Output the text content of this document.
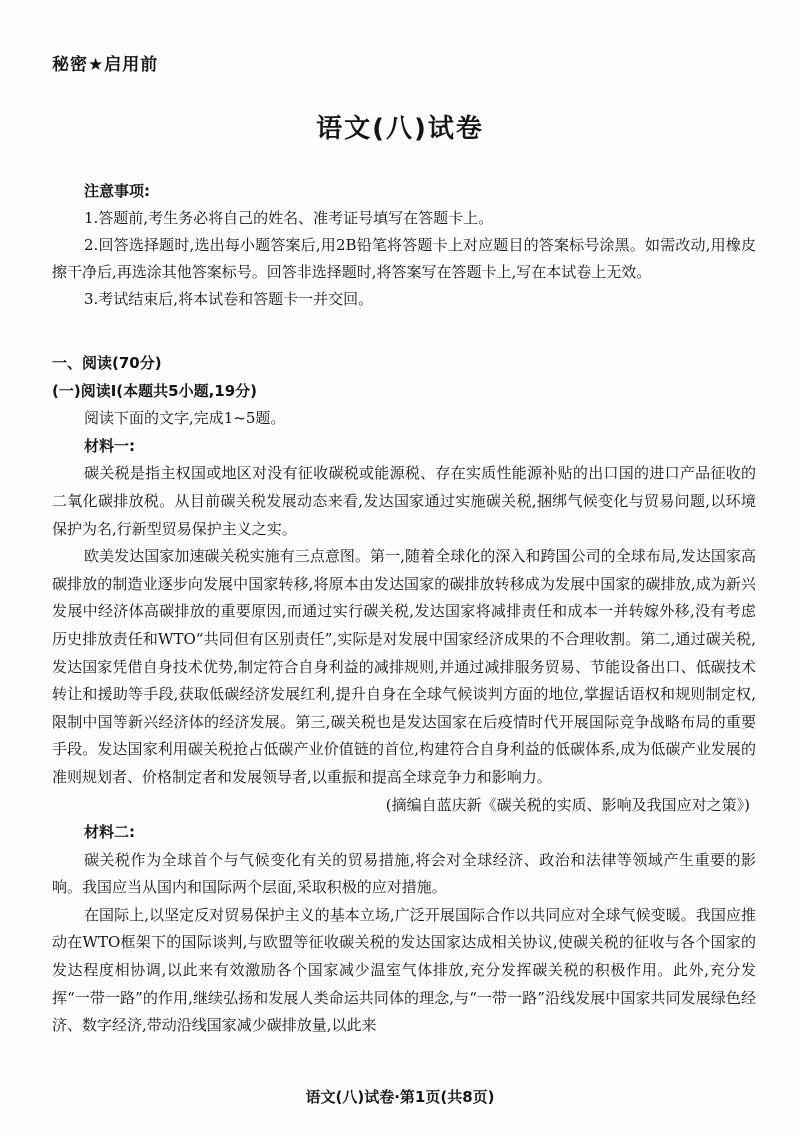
秘密★启用前
语文(八)试卷

注意事项:

1.答题前,考生务必将自己的姓名、准考证号填写在答题卡上。

2.回答选择题时,选出每小题答案后,用2B铅笔将答题卡上对应题目的答案标号涂黑。如需改动,用橡皮擦干净后,再选涂其他答案标号。回答非选择题时,将答案写在答题卡上,写在本试卷上无效。

3.考试结束后,将本试卷和答题卡一并交回。

一、阅读(70分)

(一)阅读Ⅰ(本题共5小题,19分)

阅读下面的文字,完成1~5题。

材料一:

碳关税是指主权国或地区对没有征收碳税或能源税、存在实质性能源补贴的出口国的进口产品征收的二氧化碳排放税。从目前碳关税发展动态来看,发达国家通过实施碳关税,捆绑气候变化与贸易问题,以环境保护为名,行新型贸易保护主义之实。

欧美发达国家加速碳关税实施有三点意图。第一,随着全球化的深入和跨国公司的全球布局,发达国家高碳排放的制造业逐步向发展中国家转移,将原本由发达国家的碳排放转移成为发展中国家的碳排放,成为新兴发展中经济体高碳排放的重要原因,而通过实行碳关税,发达国家将减排责任和成本一并转嫁外移,没有考虑历史排放责任和WTO“共同但有区别责任”,实际是对发展中国家经济成果的不合理收割。第二,通过碳关税,发达国家凭借自身技术优势,制定符合自身利益的减排规则,并通过减排服务贸易、节能设备出口、低碳技术转让和援助等手段,获取低碳经济发展红利,提升自身在全球气候谈判方面的地位,掌握话语权和规则制定权,限制中国等新兴经济体的经济发展。第三,碳关税也是发达国家在后疫情时代开展国际竞争战略布局的重要手段。发达国家利用碳关税抢占低碳产业价值链的首位,构建符合自身利益的低碳体系,成为低碳产业发展的准则规划者、价格制定者和发展领导者,以重振和提高全球竞争力和影响力。

(摘编自蓝庆新《碳关税的实质、影响及我国应对之策》)

材料二:

碳关税作为全球首个与气候变化有关的贸易措施,将会对全球经济、政治和法律等领域产生重要的影响。我国应当从国内和国际两个层面,采取积极的应对措施。

在国际上,以坚定反对贸易保护主义的基本立场,广泛开展国际合作以共同应对全球气候变暖。我国应推动在WTO框架下的国际谈判,与欧盟等征收碳关税的发达国家达成相关协议,使碳关税的征收与各个国家的发达程度相协调,以此来有效激励各个国家减少温室气体排放,充分发挥碳关税的积极作用。此外,充分发挥“一带一路”的作用,继续弘扬和发展人类命运共同体的理念,与“一带一路”沿线发展中国家共同发展绿色经济、数字经济,带动沿线国家减少碳排放量,以此来

语文(八)试卷·第1页(共8页)
